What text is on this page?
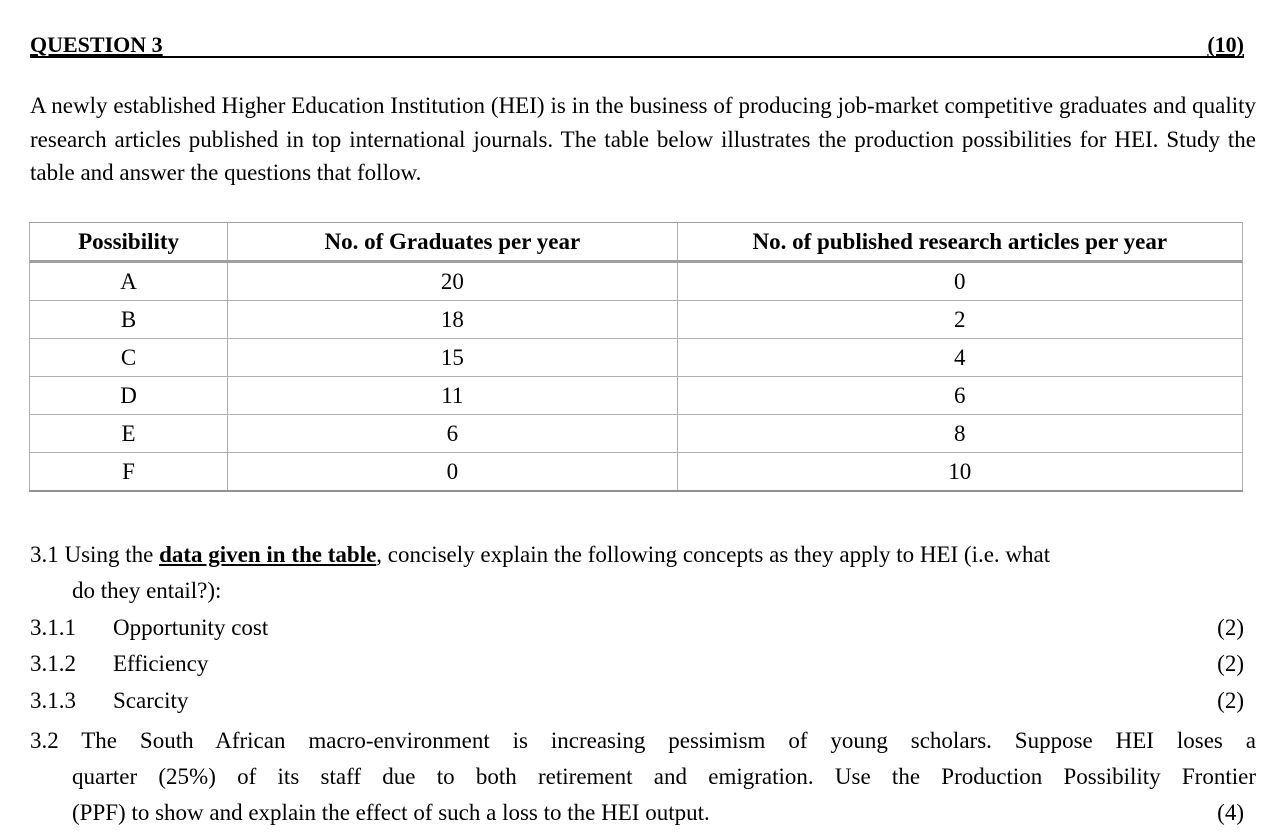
QUESTION 3	(10)
A newly established Higher Education Institution (HEI) is in the business of producing job-market competitive graduates and quality research articles published in top international journals. The table below illustrates the production possibilities for HEI. Study the table and answer the questions that follow.
Possibility	No. of Graduates per year	No. of published research articles per year
A	20	0
B	18	2
C	15	4
D	11	6
E	6	8
F	0	10
3.1 Using the data given in the table, concisely explain the following concepts as they apply to HEI (i.e. what
do they entail?):
3.1.1 Opportunity cost	(2)
3.1.2 Efficiency	(2)
3.1.3 Scarcity	(2)
3.2 The South African macro-environment is increasing pessimism of young scholars. Suppose HEI loses a
quarter (25%) of its staff due to both retirement and emigration. Use the Production Possibility Frontier
(PPF) to show and explain the effect of such a loss to the HEI output.	(4)
